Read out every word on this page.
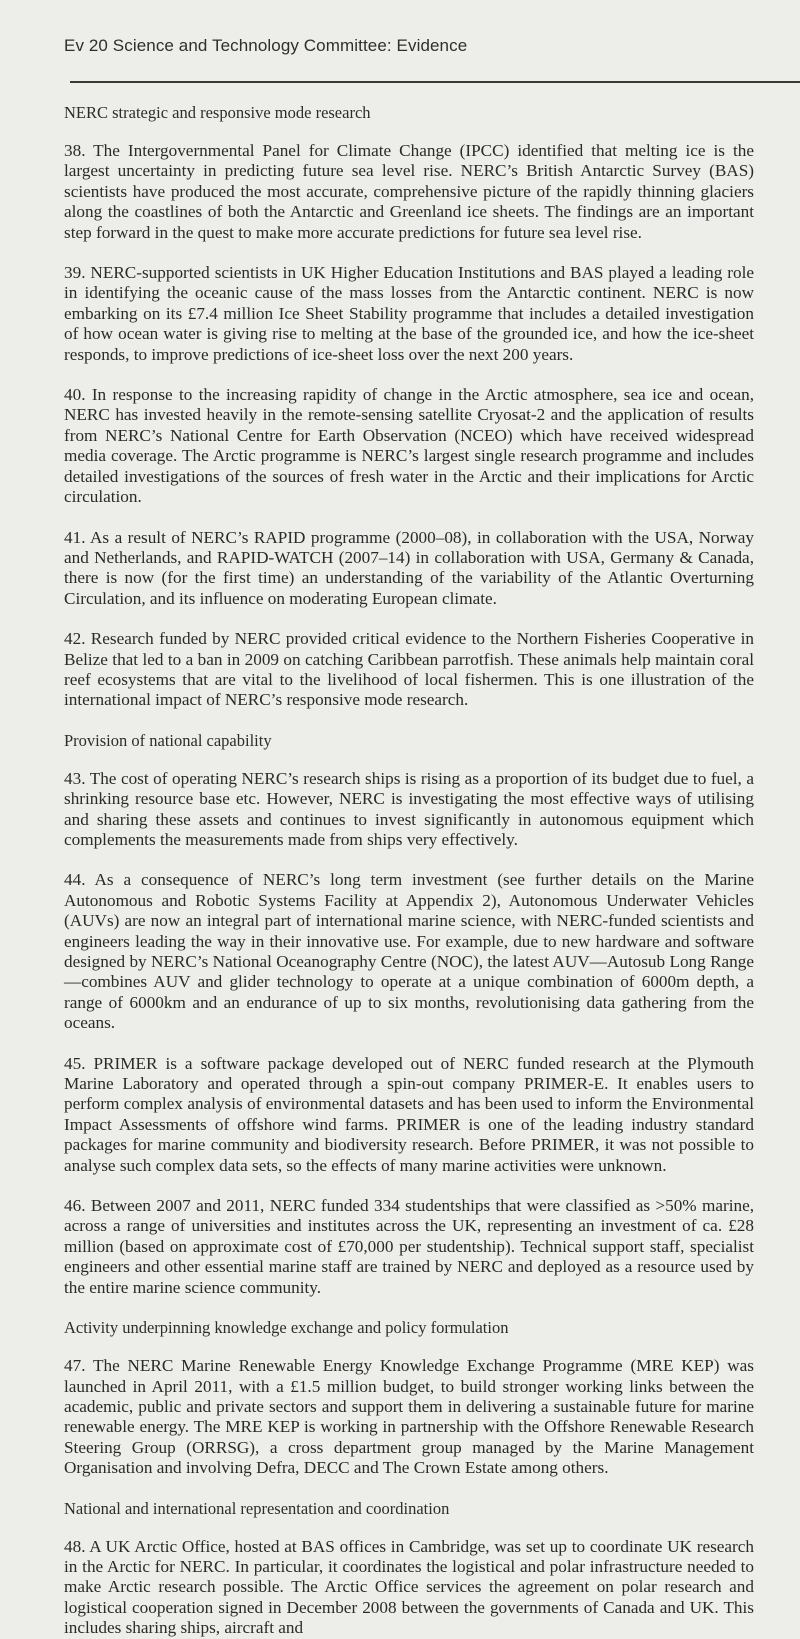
Ev 20 Science and Technology Committee: Evidence
NERC strategic and responsive mode research

38. The Intergovernmental Panel for Climate Change (IPCC) identified that melting ice is the largest uncertainty in predicting future sea level rise. NERC’s British Antarctic Survey (BAS) scientists have produced the most accurate, comprehensive picture of the rapidly thinning glaciers along the coastlines of both the Antarctic and Greenland ice sheets. The findings are an important step forward in the quest to make more accurate predictions for future sea level rise.

39. NERC-supported scientists in UK Higher Education Institutions and BAS played a leading role in identifying the oceanic cause of the mass losses from the Antarctic continent. NERC is now embarking on its £7.4 million Ice Sheet Stability programme that includes a detailed investigation of how ocean water is giving rise to melting at the base of the grounded ice, and how the ice-sheet responds, to improve predictions of ice-sheet loss over the next 200 years.

40. In response to the increasing rapidity of change in the Arctic atmosphere, sea ice and ocean, NERC has invested heavily in the remote-sensing satellite Cryosat-2 and the application of results from NERC’s National Centre for Earth Observation (NCEO) which have received widespread media coverage. The Arctic programme is NERC’s largest single research programme and includes detailed investigations of the sources of fresh water in the Arctic and their implications for Arctic circulation.

41. As a result of NERC’s RAPID programme (2000–08), in collaboration with the USA, Norway and Netherlands, and RAPID-WATCH (2007–14) in collaboration with USA, Germany & Canada, there is now (for the first time) an understanding of the variability of the Atlantic Overturning Circulation, and its influence on moderating European climate.

42. Research funded by NERC provided critical evidence to the Northern Fisheries Cooperative in Belize that led to a ban in 2009 on catching Caribbean parrotfish. These animals help maintain coral reef ecosystems that are vital to the livelihood of local fishermen. This is one illustration of the international impact of NERC’s responsive mode research.

Provision of national capability

43. The cost of operating NERC’s research ships is rising as a proportion of its budget due to fuel, a shrinking resource base etc. However, NERC is investigating the most effective ways of utilising and sharing these assets and continues to invest significantly in autonomous equipment which complements the measurements made from ships very effectively.

44. As a consequence of NERC’s long term investment (see further details on the Marine Autonomous and Robotic Systems Facility at Appendix 2), Autonomous Underwater Vehicles (AUVs) are now an integral part of international marine science, with NERC-funded scientists and engineers leading the way in their innovative use. For example, due to new hardware and software designed by NERC’s National Oceanography Centre (NOC), the latest AUV—Autosub Long Range—combines AUV and glider technology to operate at a unique combination of 6000m depth, a range of 6000km and an endurance of up to six months, revolutionising data gathering from the oceans.

45. PRIMER is a software package developed out of NERC funded research at the Plymouth Marine Laboratory and operated through a spin-out company PRIMER-E. It enables users to perform complex analysis of environmental datasets and has been used to inform the Environmental Impact Assessments of offshore wind farms. PRIMER is one of the leading industry standard packages for marine community and biodiversity research. Before PRIMER, it was not possible to analyse such complex data sets, so the effects of many marine activities were unknown.

46. Between 2007 and 2011, NERC funded 334 studentships that were classified as >50% marine, across a range of universities and institutes across the UK, representing an investment of ca. £28 million (based on approximate cost of £70,000 per studentship). Technical support staff, specialist engineers and other essential marine staff are trained by NERC and deployed as a resource used by the entire marine science community.

Activity underpinning knowledge exchange and policy formulation

47. The NERC Marine Renewable Energy Knowledge Exchange Programme (MRE KEP) was launched in April 2011, with a £1.5 million budget, to build stronger working links between the academic, public and private sectors and support them in delivering a sustainable future for marine renewable energy. The MRE KEP is working in partnership with the Offshore Renewable Research Steering Group (ORRSG), a cross department group managed by the Marine Management Organisation and involving Defra, DECC and The Crown Estate among others.

National and international representation and coordination

48. A UK Arctic Office, hosted at BAS offices in Cambridge, was set up to coordinate UK research in the Arctic for NERC. In particular, it coordinates the logistical and polar infrastructure needed to make Arctic research possible. The Arctic Office services the agreement on polar research and logistical cooperation signed in December 2008 between the governments of Canada and UK. This includes sharing ships, aircraft and
